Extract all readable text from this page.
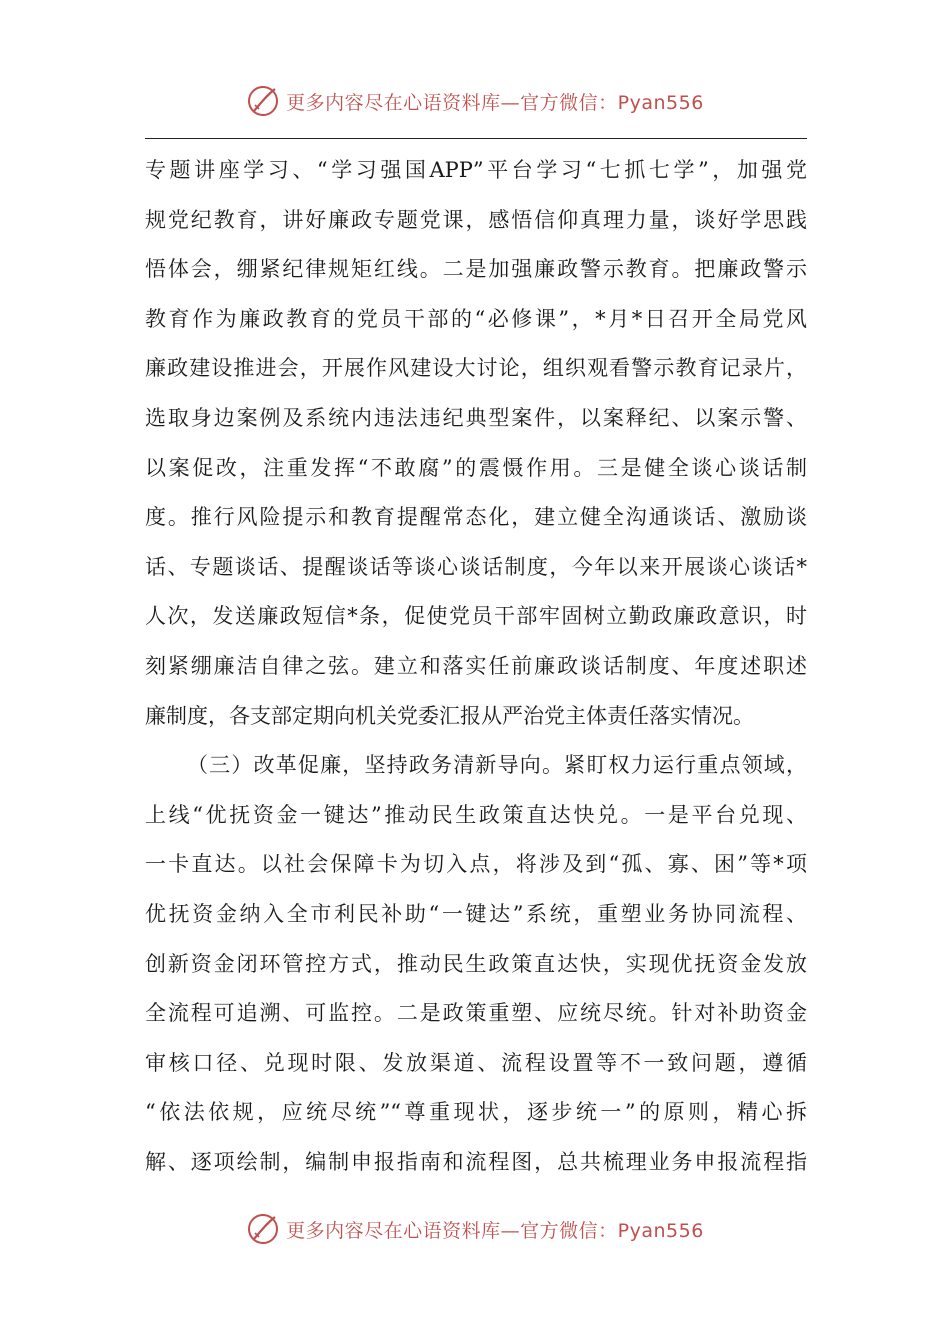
更多内容尽在心语资料库—官方微信：Pyan556
专题讲座学习、“学习强国APP”平台学习“七抓七学”，加强党
规党纪教育，讲好廉政专题党课，感悟信仰真理力量，谈好学思践
悟体会，绷紧纪律规矩红线。二是加强廉政警示教育。把廉政警示
教育作为廉政教育的党员干部的“必修课”，*月*日召开全局党风
廉政建设推进会，开展作风建设大讨论，组织观看警示教育记录片，
选取身边案例及系统内违法违纪典型案件，以案释纪、以案示警、
以案促改，注重发挥“不敢腐”的震慑作用。三是健全谈心谈话制
度。推行风险提示和教育提醒常态化，建立健全沟通谈话、激励谈
话、专题谈话、提醒谈话等谈心谈话制度，今年以来开展谈心谈话*
人次，发送廉政短信*条，促使党员干部牢固树立勤政廉政意识，时
刻紧绷廉洁自律之弦。建立和落实任前廉政谈话制度、年度述职述
廉制度，各支部定期向机关党委汇报从严治党主体责任落实情况。
（三）改革促廉，坚持政务清新导向。紧盯权力运行重点领域，
上线“优抚资金一键达”推动民生政策直达快兑。一是平台兑现、
一卡直达。以社会保障卡为切入点，将涉及到“孤、寡、困”等*项
优抚资金纳入全市利民补助“一键达”系统，重塑业务协同流程、
创新资金闭环管控方式，推动民生政策直达快，实现优抚资金发放
全流程可追溯、可监控。二是政策重塑、应统尽统。针对补助资金
审核口径、兑现时限、发放渠道、流程设置等不一致问题，遵循
“依法依规，应统尽统”“尊重现状，逐步统一”的原则，精心拆
解、逐项绘制，编制申报指南和流程图，总共梳理业务申报流程指
更多内容尽在心语资料库—官方微信：Pyan556
